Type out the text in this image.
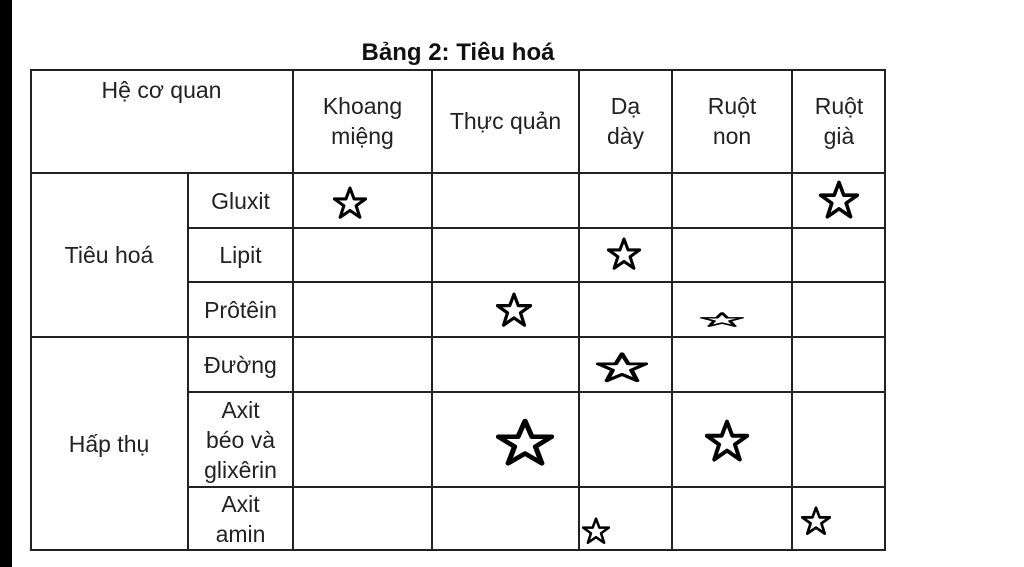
Bảng 2: Tiêu hoá
Hệ cơ quan
Khoang miệng
Thực quản
Dạ dày
Ruột non
Ruột già
Tiêu hoá
Hấp thụ
Gluxit
Lipit
Prôtêin
Đường
Axit béo và glixêrin
Axit amin
